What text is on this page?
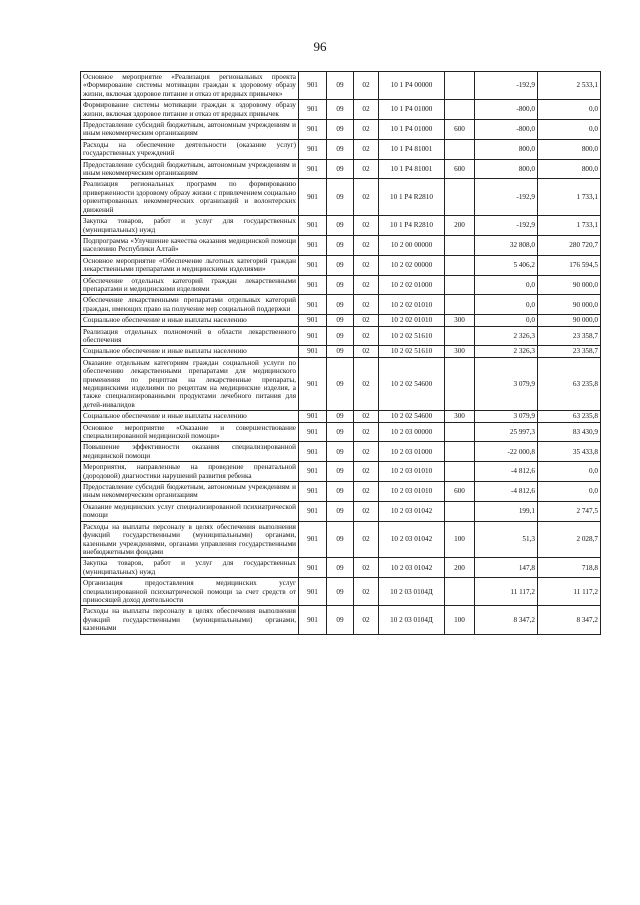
96
Основное мероприятие «Реализация региональных проекта «Формирование системы мотивации граждан к здоровому образу жизни, включая здоровое питание и отказ от вредных привычек»	901	09	02	10 1 P4 00000		-192,9	2 533,1
Формирование системы мотивации граждан к здоровому образу жизни, включая здоровое питание и отказ от вредных привычек	901	09	02	10 1 P4 01000		-800,0	0,0
Предоставление субсидий бюджетным, автономным учреждениям и иным некоммерческим организациям	901	09	02	10 1 P4 01000	600	-800,0	0,0
Расходы на обеспечение деятельности (оказание услуг) государственных учреждений	901	09	02	10 1 P4 81001		800,0	800,0
Предоставление субсидий бюджетным, автономным учреждениям и иным некоммерческим организациям	901	09	02	10 1 P4 81001	600	800,0	800,0
Реализация региональных программ по формированию приверженности здоровому образу жизни с привлечением социально ориентированных некоммерческих организаций и волонтерских движений	901	09	02	10 1 P4 R2810		-192,9	1 733,1
Закупка товаров, работ и услуг для государственных (муниципальных) нужд	901	09	02	10 1 P4 R2810	200	-192,9	1 733,1
Подпрограмма «Улучшение качества оказания медицинской помощи населению Республики Алтай»	901	09	02	10 2 00 00000		32 808,0	280 720,7
Основное мероприятие «Обеспечение льготных категорий граждан лекарственными препаратами и медицинскими изделиями»	901	09	02	10 2 02 00000		5 406,2	176 594,5
Обеспечение отдельных категорий граждан лекарственными препаратами и медицинскими изделиями	901	09	02	10 2 02 01000		0,0	90 000,0
Обеспечение лекарственными препаратами отдельных категорий граждан, имеющих право на получение мер социальной поддержки	901	09	02	10 2 02 01010		0,0	90 000,0
Социальное обеспечение и иные выплаты населению	901	09	02	10 2 02 01010	300	0,0	90 000,0
Реализация отдельных полномочий в области лекарственного обеспечения	901	09	02	10 2 02 51610		2 326,3	23 358,7
Социальное обеспечение и иные выплаты населению	901	09	02	10 2 02 51610	300	2 326,3	23 358,7
Оказание отдельным категориям граждан социальной услуги по обеспечению лекарственными препаратами для медицинского применения по рецептам на лекарственные препараты, медицинскими изделиями по рецептам на медицинские изделия, а также специализированными продуктами лечебного питания для детей-инвалидов	901	09	02	10 2 02 54600		3 079,9	63 235,8
Социальное обеспечение и иные выплаты населению	901	09	02	10 2 02 54600	300	3 079,9	63 235,8
Основное мероприятие «Оказание и совершенствование специализированной медицинской помощи»	901	09	02	10 2 03 00000		25 997,3	83 430,9
Повышение эффективности оказания специализированной медицинской помощи	901	09	02	10 2 03 01000		-22 000,8	35 433,8
Мероприятия, направленные на проведение пренатальной (дородовой) диагностики нарушений развития ребенка	901	09	02	10 2 03 01010		-4 812,6	0,0
Предоставление субсидий бюджетным, автономным учреждениям и иным некоммерческим организациям	901	09	02	10 2 03 01010	600	-4 812,6	0,0
Оказание медицинских услуг специализированной психиатрической помощи	901	09	02	10 2 03 01042		199,1	2 747,5
Расходы на выплаты персоналу в целях обеспечения выполнения функций государственными (муниципальными) органами, казенными учреждениями, органами управления государственными внебюджетными фондами	901	09	02	10 2 03 01042	100	51,3	2 028,7
Закупка товаров, работ и услуг для государственных (муниципальных) нужд	901	09	02	10 2 03 01042	200	147,8	718,8
Организация предоставления медицинских услуг специализированной психиатрической помощи за счет средств от приносящей доход деятельности	901	09	02	10 2 03 0104Д		11 117,2	11 117,2
Расходы на выплаты персоналу в целях обеспечения выполнения функций государственными (муниципальными) органами, казенными	901	09	02	10 2 03 0104Д	100	8 347,2	8 347,2
